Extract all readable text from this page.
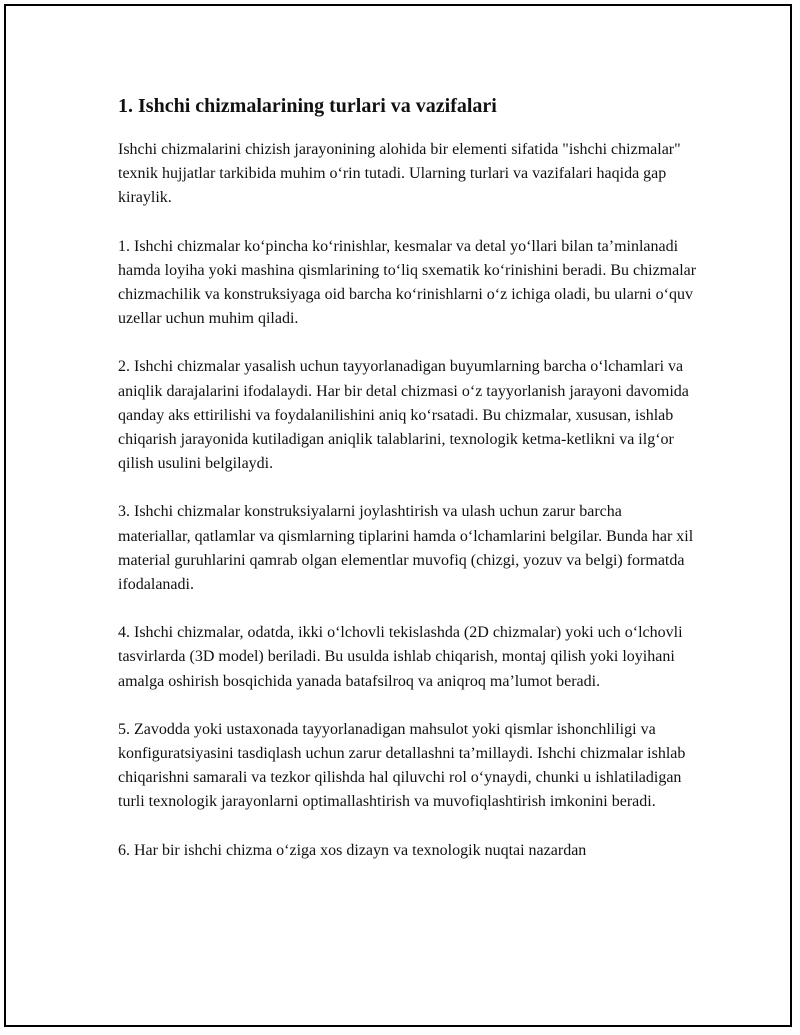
1. Ishchi chizmalarining turlari va vazifalari

Ishchi chizmalarini chizish jarayonining alohida bir elementi sifatida "ishchi chizmalar" texnik hujjatlar tarkibida muhim o‘rin tutadi. Ularning turlari va vazifalari haqida gap kiraylik.

1. Ishchi chizmalar ko‘pincha ko‘rinishlar, kesmalar va detal yo‘llari bilan ta’minlanadi hamda loyiha yoki mashina qismlarining to‘liq sxematik ko‘rinishini beradi. Bu chizmalar chizmachilik va konstruksiyaga oid barcha ko‘rinishlarni o‘z ichiga oladi, bu ularni o‘quv uzellar uchun muhim qiladi.

2. Ishchi chizmalar yasalish uchun tayyorlanadigan buyumlarning barcha o‘lchamlari va aniqlik darajalarini ifodalaydi. Har bir detal chizmasi o‘z tayyorlanish jarayoni davomida qanday aks ettirilishi va foydalanilishini aniq ko‘rsatadi. Bu chizmalar, xususan, ishlab chiqarish jarayonida kutiladigan aniqlik talablarini, texnologik ketma-ketlikni va ilg‘or qilish usulini belgilaydi.

3. Ishchi chizmalar konstruksiyalarni joylashtirish va ulash uchun zarur barcha materiallar, qatlamlar va qismlarning tiplarini hamda o‘lchamlarini belgilar. Bunda har xil material guruhlarini qamrab olgan elementlar muvofiq (chizgi, yozuv va belgi) formatda ifodalanadi.

4. Ishchi chizmalar, odatda, ikki o‘lchovli tekislashda (2D chizmalar) yoki uch o‘lchovli tasvirlarda (3D model) beriladi. Bu usulda ishlab chiqarish, montaj qilish yoki loyihani amalga oshirish bosqichida yanada batafsilroq va aniqroq ma’lumot beradi.

5. Zavodda yoki ustaxonada tayyorlanadigan mahsulot yoki qismlar ishonchliligi va konfiguratsiyasini tasdiqlash uchun zarur detallashni ta’millaydi. Ishchi chizmalar ishlab chiqarishni samarali va tezkor qilishda hal qiluvchi rol o‘ynaydi, chunki u ishlatiladigan turli texnologik jarayonlarni optimallashtirish va muvofiqlashtirish imkonini beradi.

6. Har bir ishchi chizma o‘ziga xos dizayn va texnologik nuqtai nazardan
